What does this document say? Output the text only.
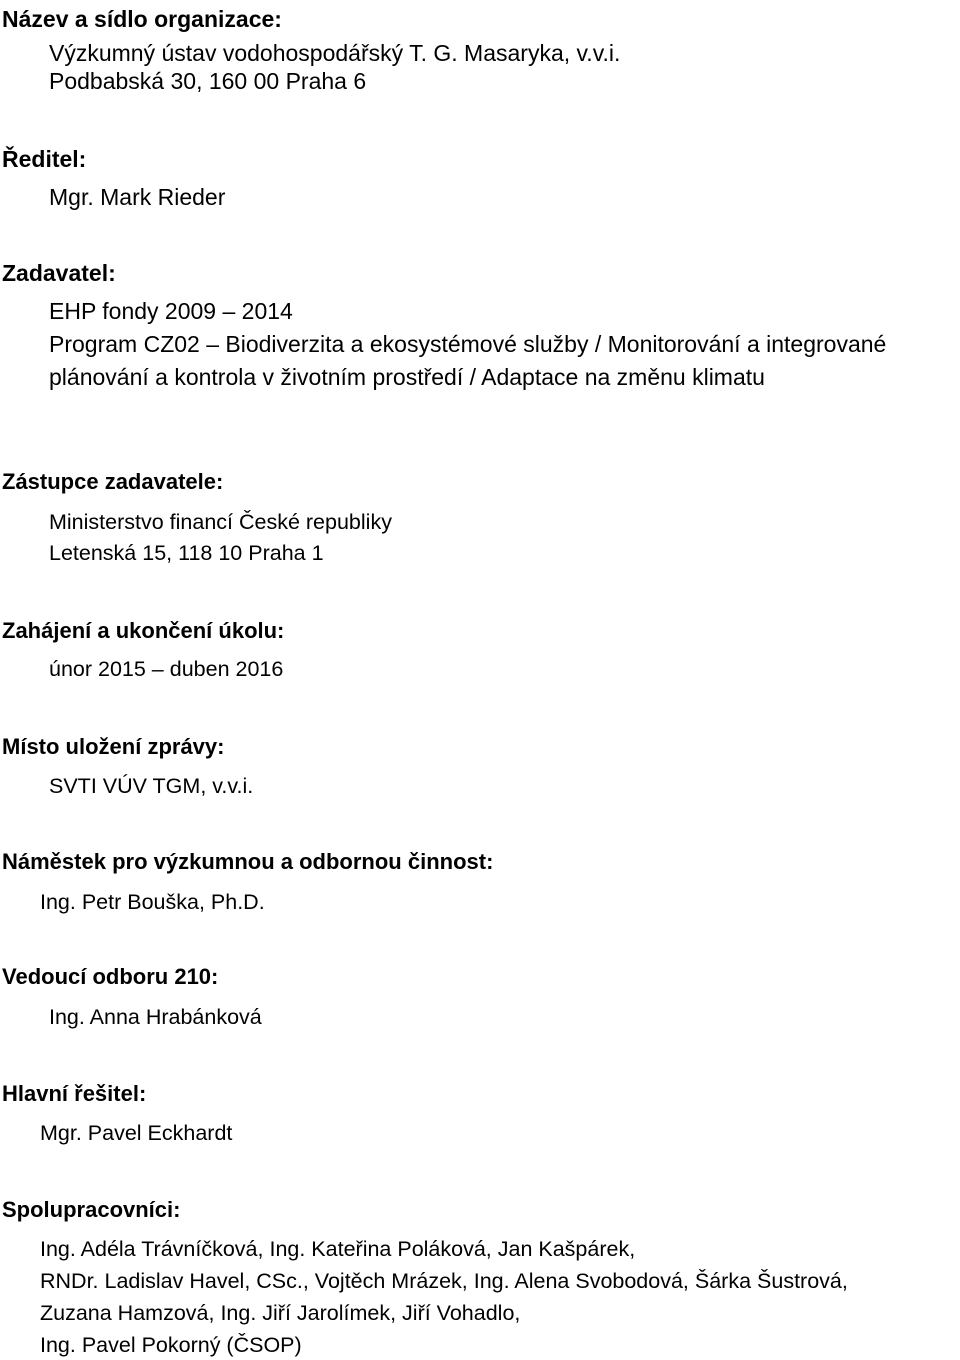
Název a sídlo organizace:
Výzkumný ústav vodohospodářský T. G. Masaryka, v.v.i.
Podbabská 30, 160 00 Praha 6
Ředitel:
Mgr. Mark Rieder
Zadavatel:
EHP fondy 2009 – 2014
Program CZ02 – Biodiverzita a ekosystémové služby / Monitorování a integrované
plánování a kontrola v životním prostředí / Adaptace na změnu klimatu
Zástupce zadavatele:
Ministerstvo financí České republiky
Letenská 15, 118 10 Praha 1
Zahájení a ukončení úkolu:
únor 2015 – duben 2016
Místo uložení zprávy:
SVTI VÚV TGM, v.v.i.
Náměstek pro výzkumnou a odbornou činnost:
Ing. Petr Bouška, Ph.D.
Vedoucí odboru 210:
Ing. Anna Hrabánková
Hlavní řešitel:
Mgr. Pavel Eckhardt
Spolupracovníci:
Ing. Adéla Trávníčková, Ing. Kateřina Poláková, Jan Kašpárek,
RNDr. Ladislav Havel, CSc., Vojtěch Mrázek, Ing. Alena Svobodová, Šárka Šustrová,
Zuzana Hamzová, Ing. Jiří Jarolímek, Jiří Vohadlo,
Ing. Pavel Pokorný (ČSOP)
